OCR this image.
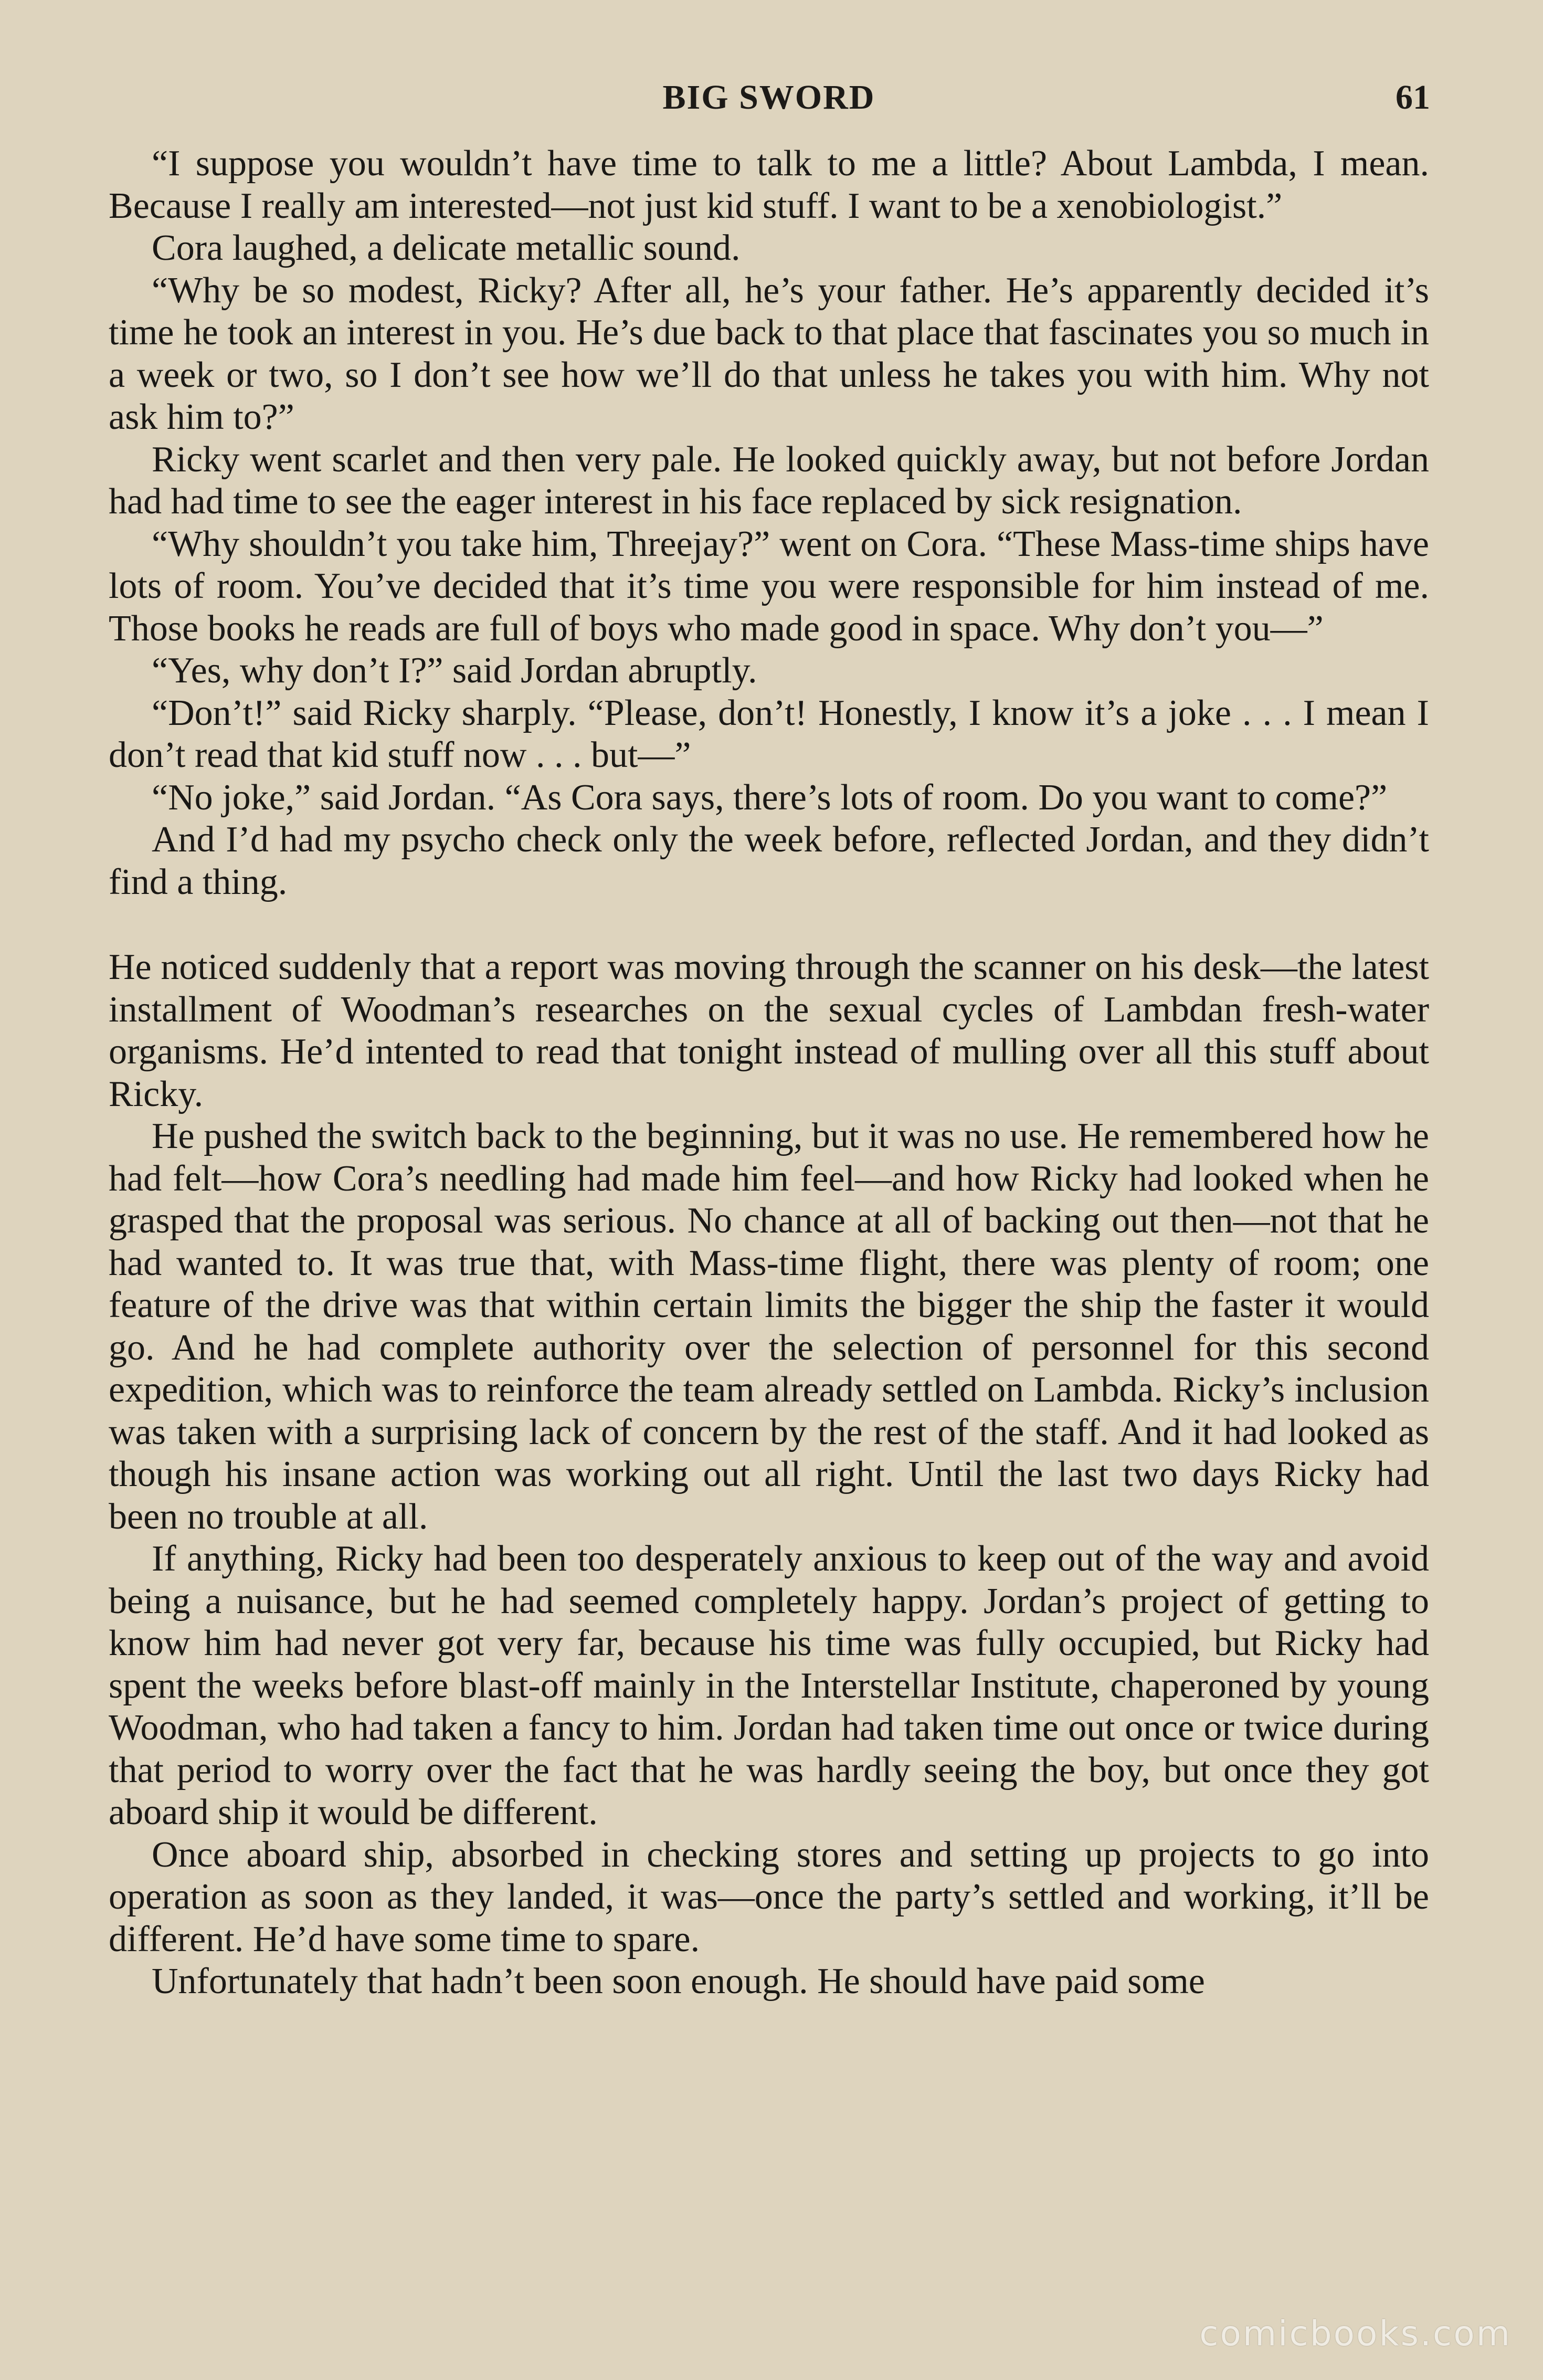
BIG SWORD	61

“I suppose you wouldn’t have time to talk to me a little? About Lambda, I mean. Because I really am interested—not just kid stuff. I want to be a xenobiologist.”

Cora laughed, a delicate metallic sound.

“Why be so modest, Ricky? After all, he’s your father. He’s apparently decided it’s time he took an interest in you. He’s due back to that place that fascinates you so much in a week or two, so I don’t see how we’ll do that unless he takes you with him. Why not ask him to?”

Ricky went scarlet and then very pale. He looked quickly away, but not before Jordan had had time to see the eager interest in his face replaced by sick resignation.

“Why shouldn’t you take him, Threejay?” went on Cora. “These Mass-time ships have lots of room. You’ve decided that it’s time you were responsible for him instead of me. Those books he reads are full of boys who made good in space. Why don’t you—”

“Yes, why don’t I?” said Jordan abruptly.

“Don’t!” said Ricky sharply. “Please, don’t! Honestly, I know it’s a joke . . . I mean I don’t read that kid stuff now . . . but—”

“No joke,” said Jordan. “As Cora says, there’s lots of room. Do you want to come?”

And I’d had my psycho check only the week before, reflected Jordan, and they didn’t find a thing.

He noticed suddenly that a report was moving through the scanner on his desk—the latest installment of Woodman’s researches on the sexual cycles of Lambdan fresh-water organisms. He’d intented to read that tonight instead of mulling over all this stuff about Ricky.

He pushed the switch back to the beginning, but it was no use. He remembered how he had felt—how Cora’s needling had made him feel—and how Ricky had looked when he grasped that the proposal was serious. No chance at all of backing out then—not that he had wanted to. It was true that, with Mass-time flight, there was plenty of room; one feature of the drive was that within certain limits the bigger the ship the faster it would go. And he had complete authority over the selection of personnel for this second expedition, which was to reinforce the team already settled on Lambda. Ricky’s inclusion was taken with a surprising lack of concern by the rest of the staff. And it had looked as though his insane action was working out all right. Until the last two days Ricky had been no trouble at all.

If anything, Ricky had been too desperately anxious to keep out of the way and avoid being a nuisance, but he had seemed completely happy. Jordan’s project of getting to know him had never got very far, because his time was fully occupied, but Ricky had spent the weeks before blast-off mainly in the Interstellar Institute, chaperoned by young Woodman, who had taken a fancy to him. Jordan had taken time out once or twice during that period to worry over the fact that he was hardly seeing the boy, but once they got aboard ship it would be different.

Once aboard ship, absorbed in checking stores and setting up projects to go into operation as soon as they landed, it was—once the party’s settled and working, it’ll be different. He’d have some time to spare.

Unfortunately that hadn’t been soon enough. He should have paid some

comicbooks.com
